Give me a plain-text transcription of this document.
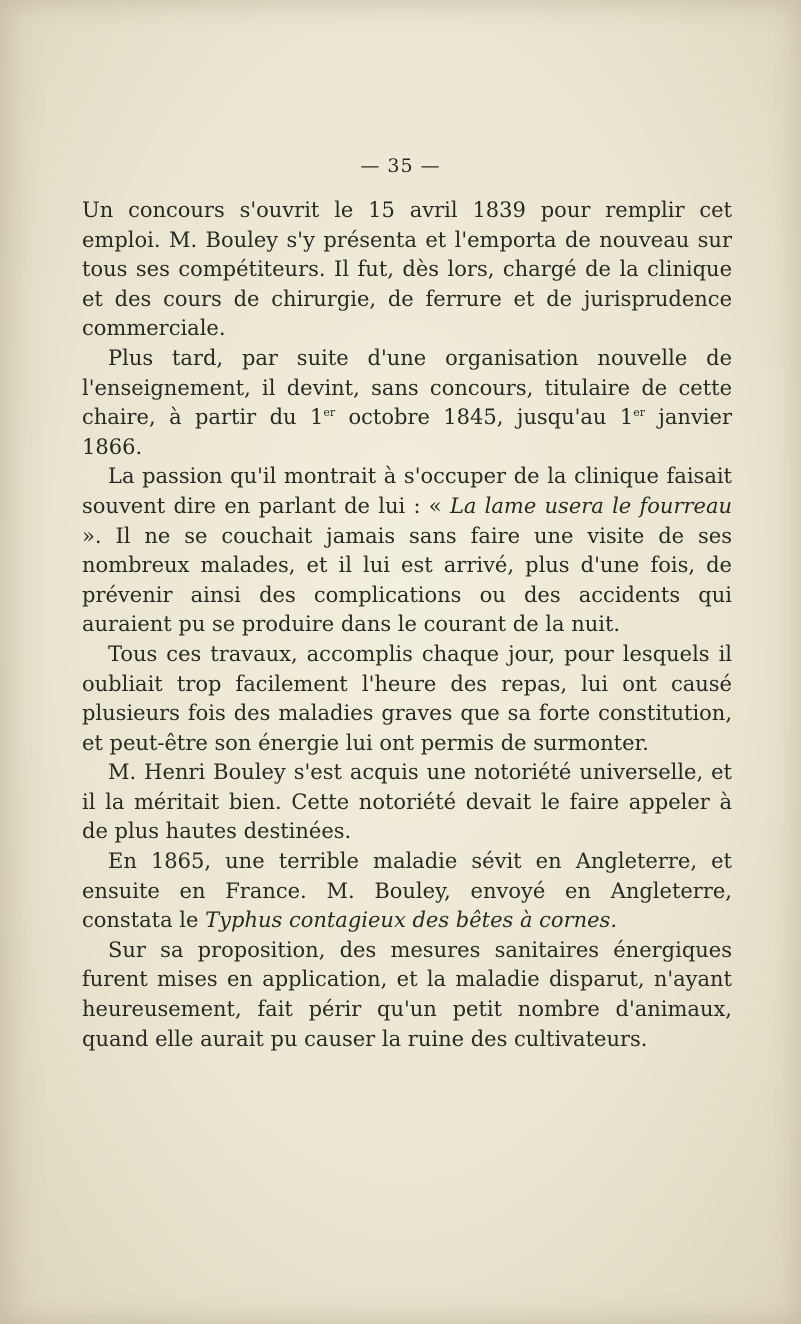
— 35 —

Un concours s'ouvrit le 15 avril 1839 pour remplir cet emploi. M. Bouley s'y présenta et l'emporta de nouveau sur tous ses compétiteurs. Il fut, dès lors, chargé de la clinique et des cours de chirurgie, de ferrure et de jurisprudence commerciale.

Plus tard, par suite d'une organisation nouvelle de l'enseignement, il devint, sans concours, titulaire de cette chaire, à partir du 1er octobre 1845, jusqu'au 1er janvier 1866.

La passion qu'il montrait à s'occuper de la clinique faisait souvent dire en parlant de lui : « La lame usera le fourreau ». Il ne se couchait jamais sans faire une visite de ses nombreux malades, et il lui est arrivé, plus d'une fois, de prévenir ainsi des complications ou des accidents qui auraient pu se produire dans le courant de la nuit.

Tous ces travaux, accomplis chaque jour, pour lesquels il oubliait trop facilement l'heure des repas, lui ont causé plusieurs fois des maladies graves que sa forte constitution, et peut-être son énergie lui ont permis de surmonter.

M. Henri Bouley s'est acquis une notoriété universelle, et il la méritait bien. Cette notoriété devait le faire appeler à de plus hautes destinées.

En 1865, une terrible maladie sévit en Angleterre, et ensuite en France. M. Bouley, envoyé en Angleterre, constata le Typhus contagieux des bêtes à cornes.

Sur sa proposition, des mesures sanitaires énergiques furent mises en application, et la maladie disparut, n'ayant heureusement, fait périr qu'un petit nombre d'animaux, quand elle aurait pu causer la ruine des cultivateurs.
